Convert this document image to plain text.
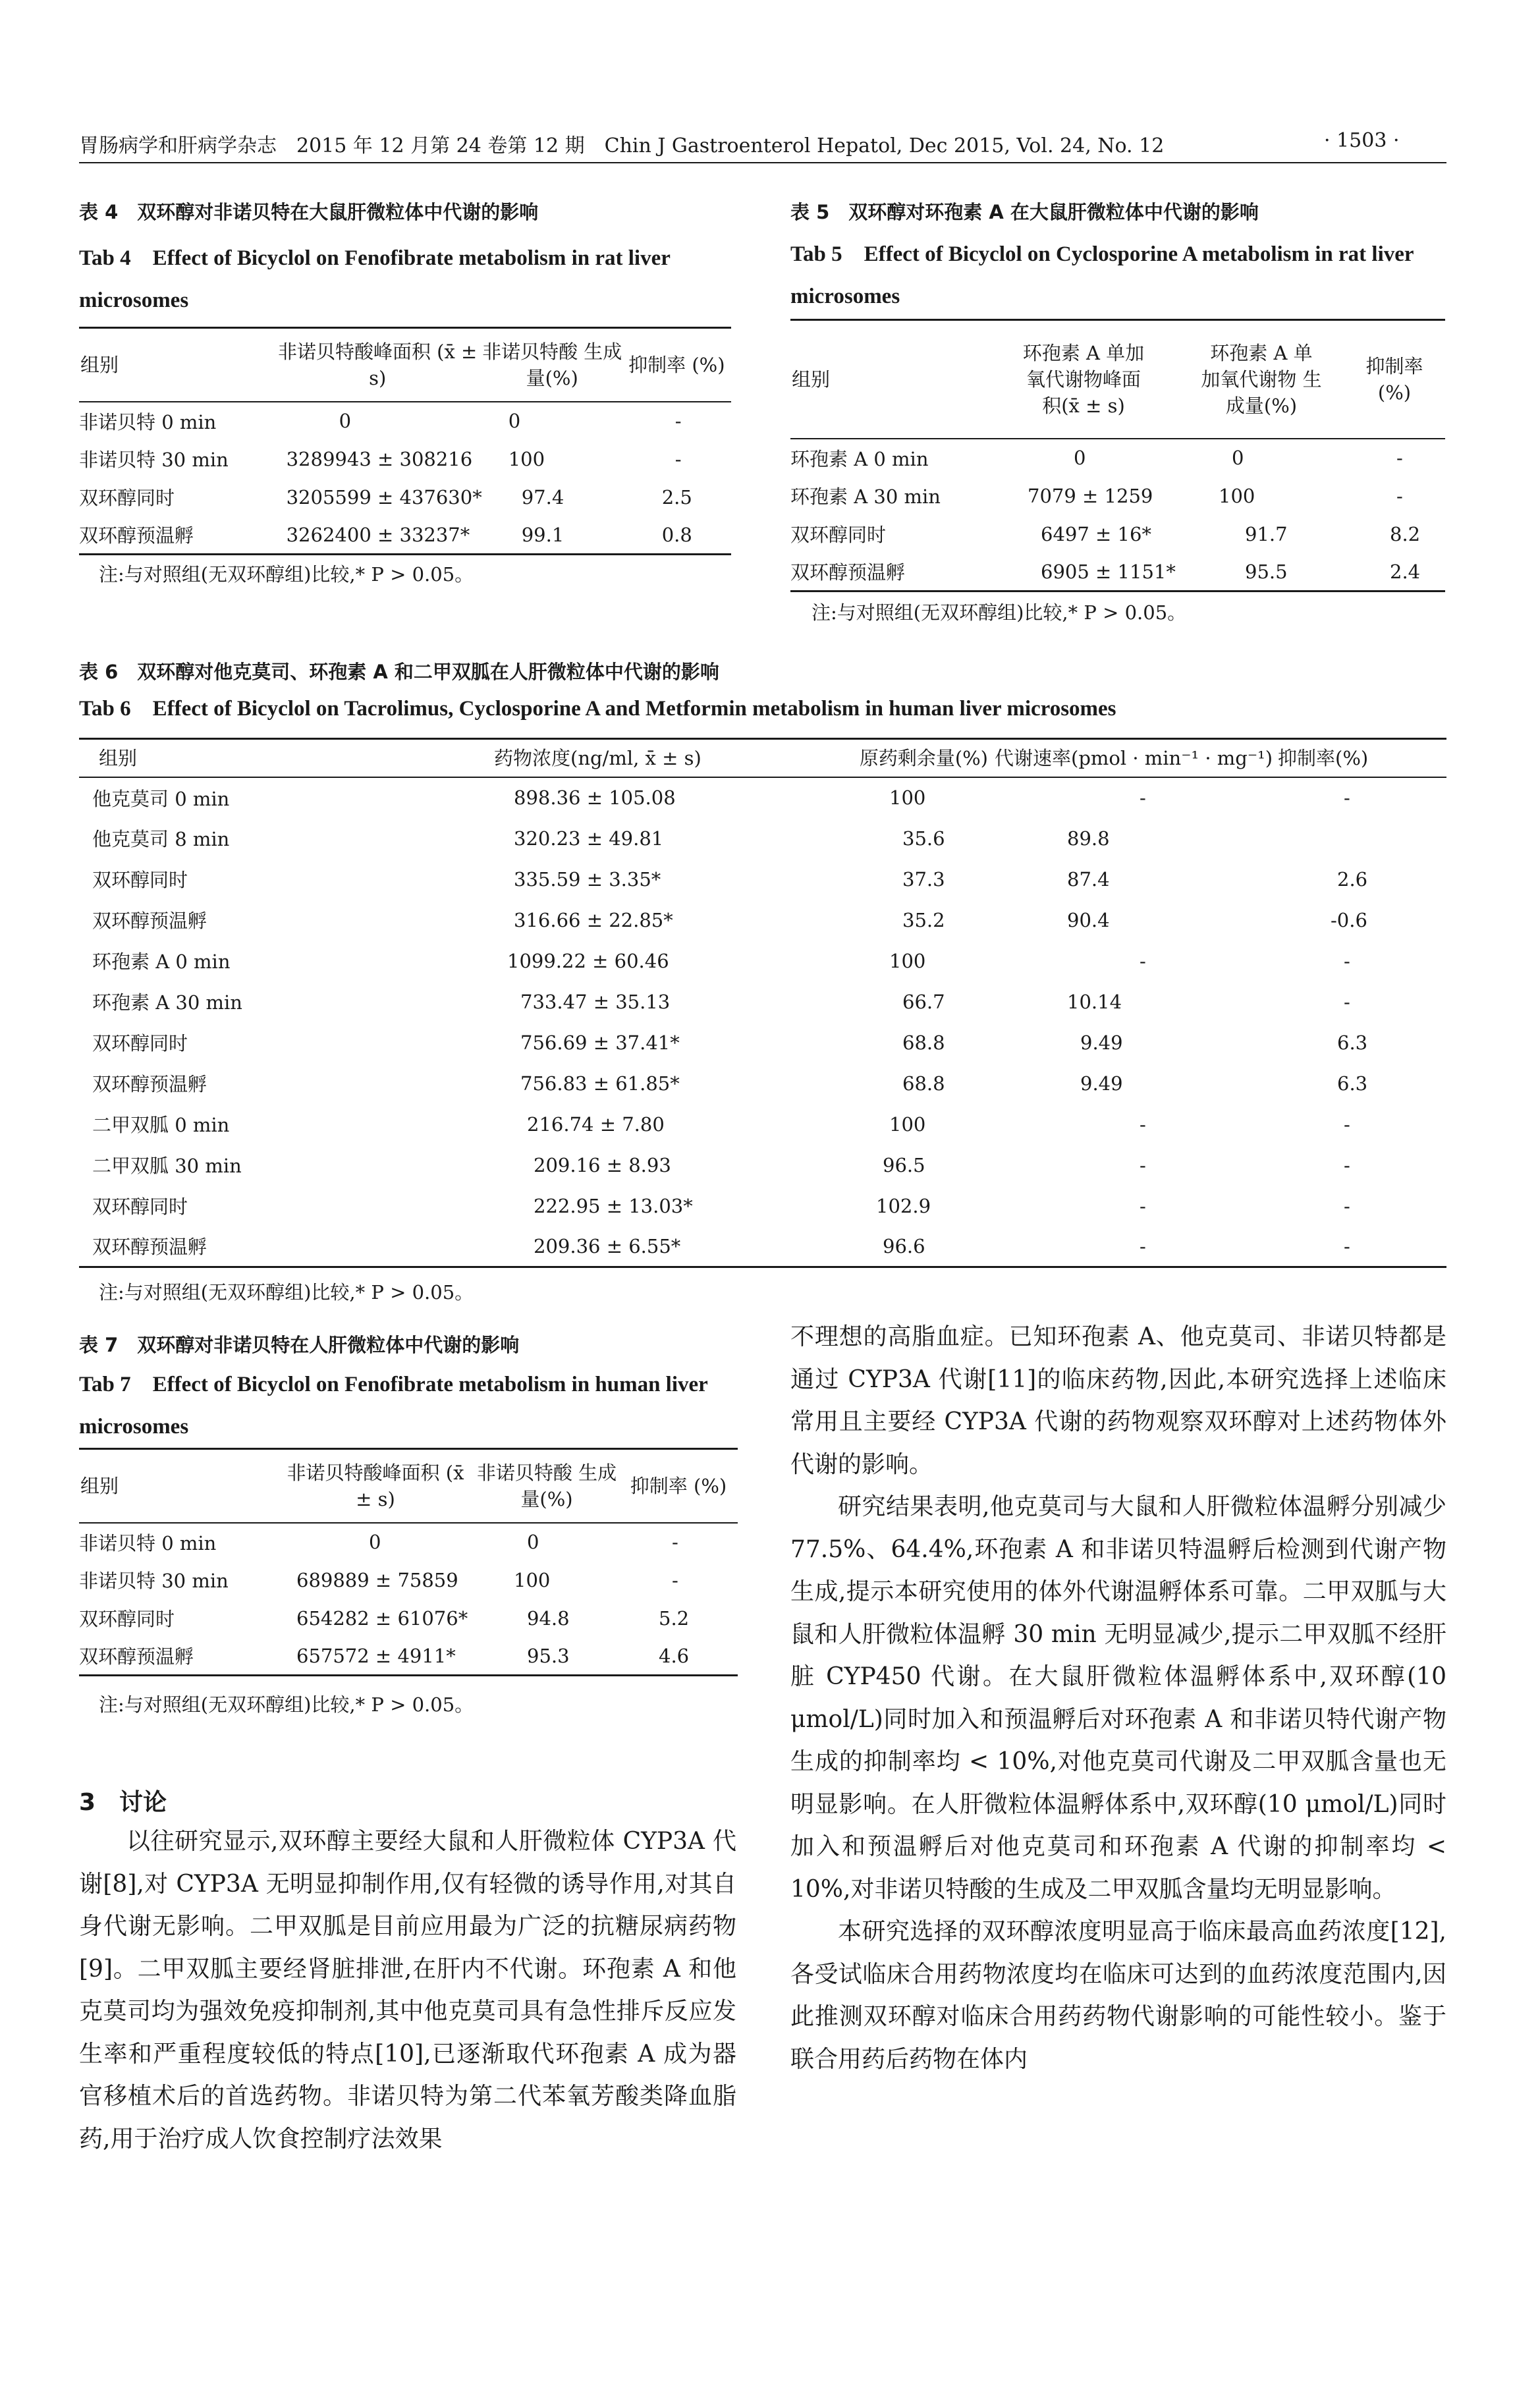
胃肠病学和肝病学杂志　2015 年 12 月第 24 卷第 12 期　Chin J Gastroenterol Hepatol, Dec 2015, Vol. 24, No. 12	· 1503 ·
表 4　双环醇对非诺贝特在大鼠肝微粒体中代谢的影响
Tab 4　Effect of Bicyclol on Fenofibrate metabolism in rat liver microsomes
组别	非诺贝特酸峰面积 (x̄ ± s)	非诺贝特酸 生成量(%)	抑制率 (%)
非诺贝特 0 min	0	0	-
非诺贝特 30 min	3289943 ± 308216	100	-
双环醇同时	3205599 ± 437630*	97.4	2.5
双环醇预温孵	3262400 ± 33237*	99.1	0.8
注:与对照组(无双环醇组)比较,* P > 0.05。
表 5　双环醇对环孢素 A 在大鼠肝微粒体中代谢的影响
Tab 5　Effect of Bicyclol on Cyclosporine A metabolism in rat liver microsomes
组别	环孢素 A 单加 氧代谢物峰面 积(x̄ ± s)	环孢素 A 单 加氧代谢物 生成量(%)	抑制率 (%)
环孢素 A 0 min	0	0	-
环孢素 A 30 min	7079 ± 1259	100	-
双环醇同时	6497 ± 16*	91.7	8.2
双环醇预温孵	6905 ± 1151*	95.5	2.4
注:与对照组(无双环醇组)比较,* P > 0.05。
表 6　双环醇对他克莫司、环孢素 A 和二甲双胍在人肝微粒体中代谢的影响
Tab 6　Effect of Bicyclol on Tacrolimus, Cyclosporine A and Metformin metabolism in human liver microsomes
组别	药物浓度(ng/ml, x̄ ± s)	原药剩余量(%)	代谢速率(pmol · min⁻¹ · mg⁻¹)	抑制率(%)
他克莫司 0 min	898.36 ± 105.08	100	-	-
他克莫司 8 min	320.23 ± 49.81	35.6	89.8	
双环醇同时	335.59 ± 3.35*	37.3	87.4	2.6
双环醇预温孵	316.66 ± 22.85*	35.2	90.4	-0.6
环孢素 A 0 min	1099.22 ± 60.46	100	-	-
环孢素 A 30 min	733.47 ± 35.13	66.7	10.14	-
双环醇同时	756.69 ± 37.41*	68.8	9.49	6.3
双环醇预温孵	756.83 ± 61.85*	68.8	9.49	6.3
二甲双胍 0 min	216.74 ± 7.80	100	-	-
二甲双胍 30 min	209.16 ± 8.93	96.5	-	-
双环醇同时	222.95 ± 13.03*	102.9	-	-
双环醇预温孵	209.36 ± 6.55*	96.6	-	-
注:与对照组(无双环醇组)比较,* P > 0.05。
表 7　双环醇对非诺贝特在人肝微粒体中代谢的影响
Tab 7　Effect of Bicyclol on Fenofibrate metabolism in human liver microsomes
组别	非诺贝特酸峰面积 (x̄ ± s)	非诺贝特酸 生成量(%)	抑制率 (%)
非诺贝特 0 min	0	0	-
非诺贝特 30 min	689889 ± 75859	100	-
双环醇同时	654282 ± 61076*	94.8	5.2
双环醇预温孵	657572 ± 4911*	95.3	4.6
注:与对照组(无双环醇组)比较,* P > 0.05。
3　讨论

以往研究显示,双环醇主要经大鼠和人肝微粒体 CYP3A 代谢[8],对 CYP3A 无明显抑制作用,仅有轻微的诱导作用,对其自身代谢无影响。二甲双胍是目前应用最为广泛的抗糖尿病药物[9]。二甲双胍主要经肾脏排泄,在肝内不代谢。环孢素 A 和他克莫司均为强效免疫抑制剂,其中他克莫司具有急性排斥反应发生率和严重程度较低的特点[10],已逐渐取代环孢素 A 成为器官移植术后的首选药物。非诺贝特为第二代苯氧芳酸类降血脂药,用于治疗成人饮食控制疗法效果

不理想的高脂血症。已知环孢素 A、他克莫司、非诺贝特都是通过 CYP3A 代谢[11]的临床药物,因此,本研究选择上述临床常用且主要经 CYP3A 代谢的药物观察双环醇对上述药物体外代谢的影响。

研究结果表明,他克莫司与大鼠和人肝微粒体温孵分别减少 77.5%、64.4%,环孢素 A 和非诺贝特温孵后检测到代谢产物生成,提示本研究使用的体外代谢温孵体系可靠。二甲双胍与大鼠和人肝微粒体温孵 30 min 无明显减少,提示二甲双胍不经肝脏 CYP450 代谢。在大鼠肝微粒体温孵体系中,双环醇(10 μmol/L)同时加入和预温孵后对环孢素 A 和非诺贝特代谢产物生成的抑制率均 < 10%,对他克莫司代谢及二甲双胍含量也无明显影响。在人肝微粒体温孵体系中,双环醇(10 μmol/L)同时加入和预温孵后对他克莫司和环孢素 A 代谢的抑制率均 < 10%,对非诺贝特酸的生成及二甲双胍含量均无明显影响。

本研究选择的双环醇浓度明显高于临床最高血药浓度[12],各受试临床合用药物浓度均在临床可达到的血药浓度范围内,因此推测双环醇对临床合用药药物代谢影响的可能性较小。鉴于联合用药后药物在体内
